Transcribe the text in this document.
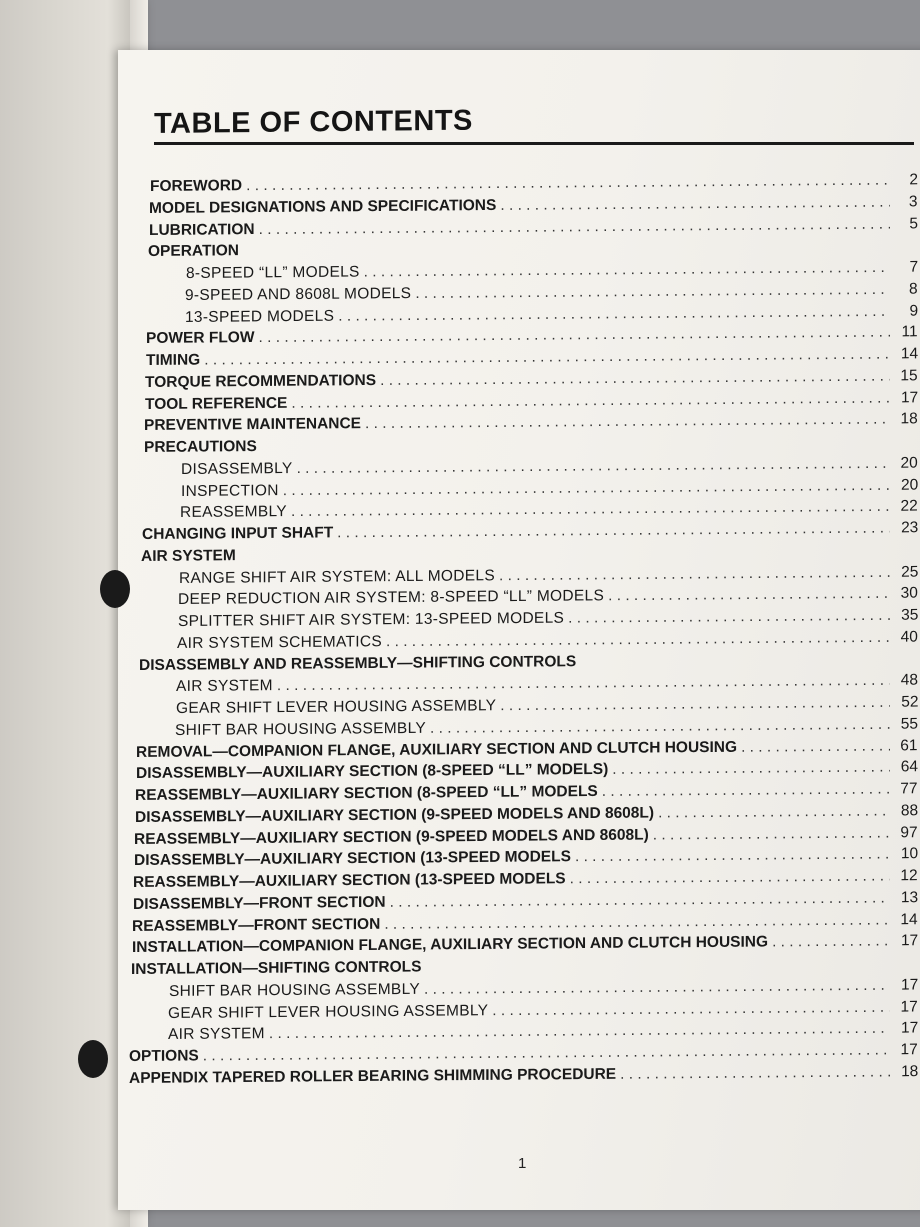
TABLE OF CONTENTS
FOREWORD . . .	2
MODEL DESIGNATIONS AND SPECIFICATIONS . . .	3
LUBRICATION . . .	5
OPERATION
8-SPEED “LL” MODELS . . .	7
9-SPEED AND 8608L MODELS . . .	8
13-SPEED MODELS . . .	9
POWER FLOW . . .	11
TIMING . . .	14
TORQUE RECOMMENDATIONS . . .	15
TOOL REFERENCE . . .	17
PREVENTIVE MAINTENANCE . . .	18
PRECAUTIONS
DISASSEMBLY . . .	20
INSPECTION . . .	20
REASSEMBLY . . .	22
CHANGING INPUT SHAFT . . .	23
AIR SYSTEM
RANGE SHIFT AIR SYSTEM: ALL MODELS . . .	25
DEEP REDUCTION AIR SYSTEM: 8-SPEED “LL” MODELS . . .	30
SPLITTER SHIFT AIR SYSTEM: 13-SPEED MODELS . . .	35
AIR SYSTEM SCHEMATICS . . .	40
DISASSEMBLY AND REASSEMBLY—SHIFTING CONTROLS
AIR SYSTEM . . .	48
GEAR SHIFT LEVER HOUSING ASSEMBLY . . .	52
SHIFT BAR HOUSING ASSEMBLY . . .	55
REMOVAL—COMPANION FLANGE, AUXILIARY SECTION AND CLUTCH HOUSING . . .	61
DISASSEMBLY—AUXILIARY SECTION (8-SPEED “LL” MODELS) . . .	64
REASSEMBLY—AUXILIARY SECTION (8-SPEED “LL” MODELS . . .	77
DISASSEMBLY—AUXILIARY SECTION (9-SPEED MODELS AND 8608L) . . .	88
REASSEMBLY—AUXILIARY SECTION (9-SPEED MODELS AND 8608L) . . .	97
DISASSEMBLY—AUXILIARY SECTION (13-SPEED MODELS . . .	10
REASSEMBLY—AUXILIARY SECTION (13-SPEED MODELS . . .	12
DISASSEMBLY—FRONT SECTION . . .	13
REASSEMBLY—FRONT SECTION . . .	14
INSTALLATION—COMPANION FLANGE, AUXILIARY SECTION AND CLUTCH HOUSING . . .	17
INSTALLATION—SHIFTING CONTROLS
SHIFT BAR HOUSING ASSEMBLY . . .	17
GEAR SHIFT LEVER HOUSING ASSEMBLY . . .	17
AIR SYSTEM . . .	17
OPTIONS . . .	17
APPENDIX TAPERED ROLLER BEARING SHIMMING PROCEDURE . . .	18
1
